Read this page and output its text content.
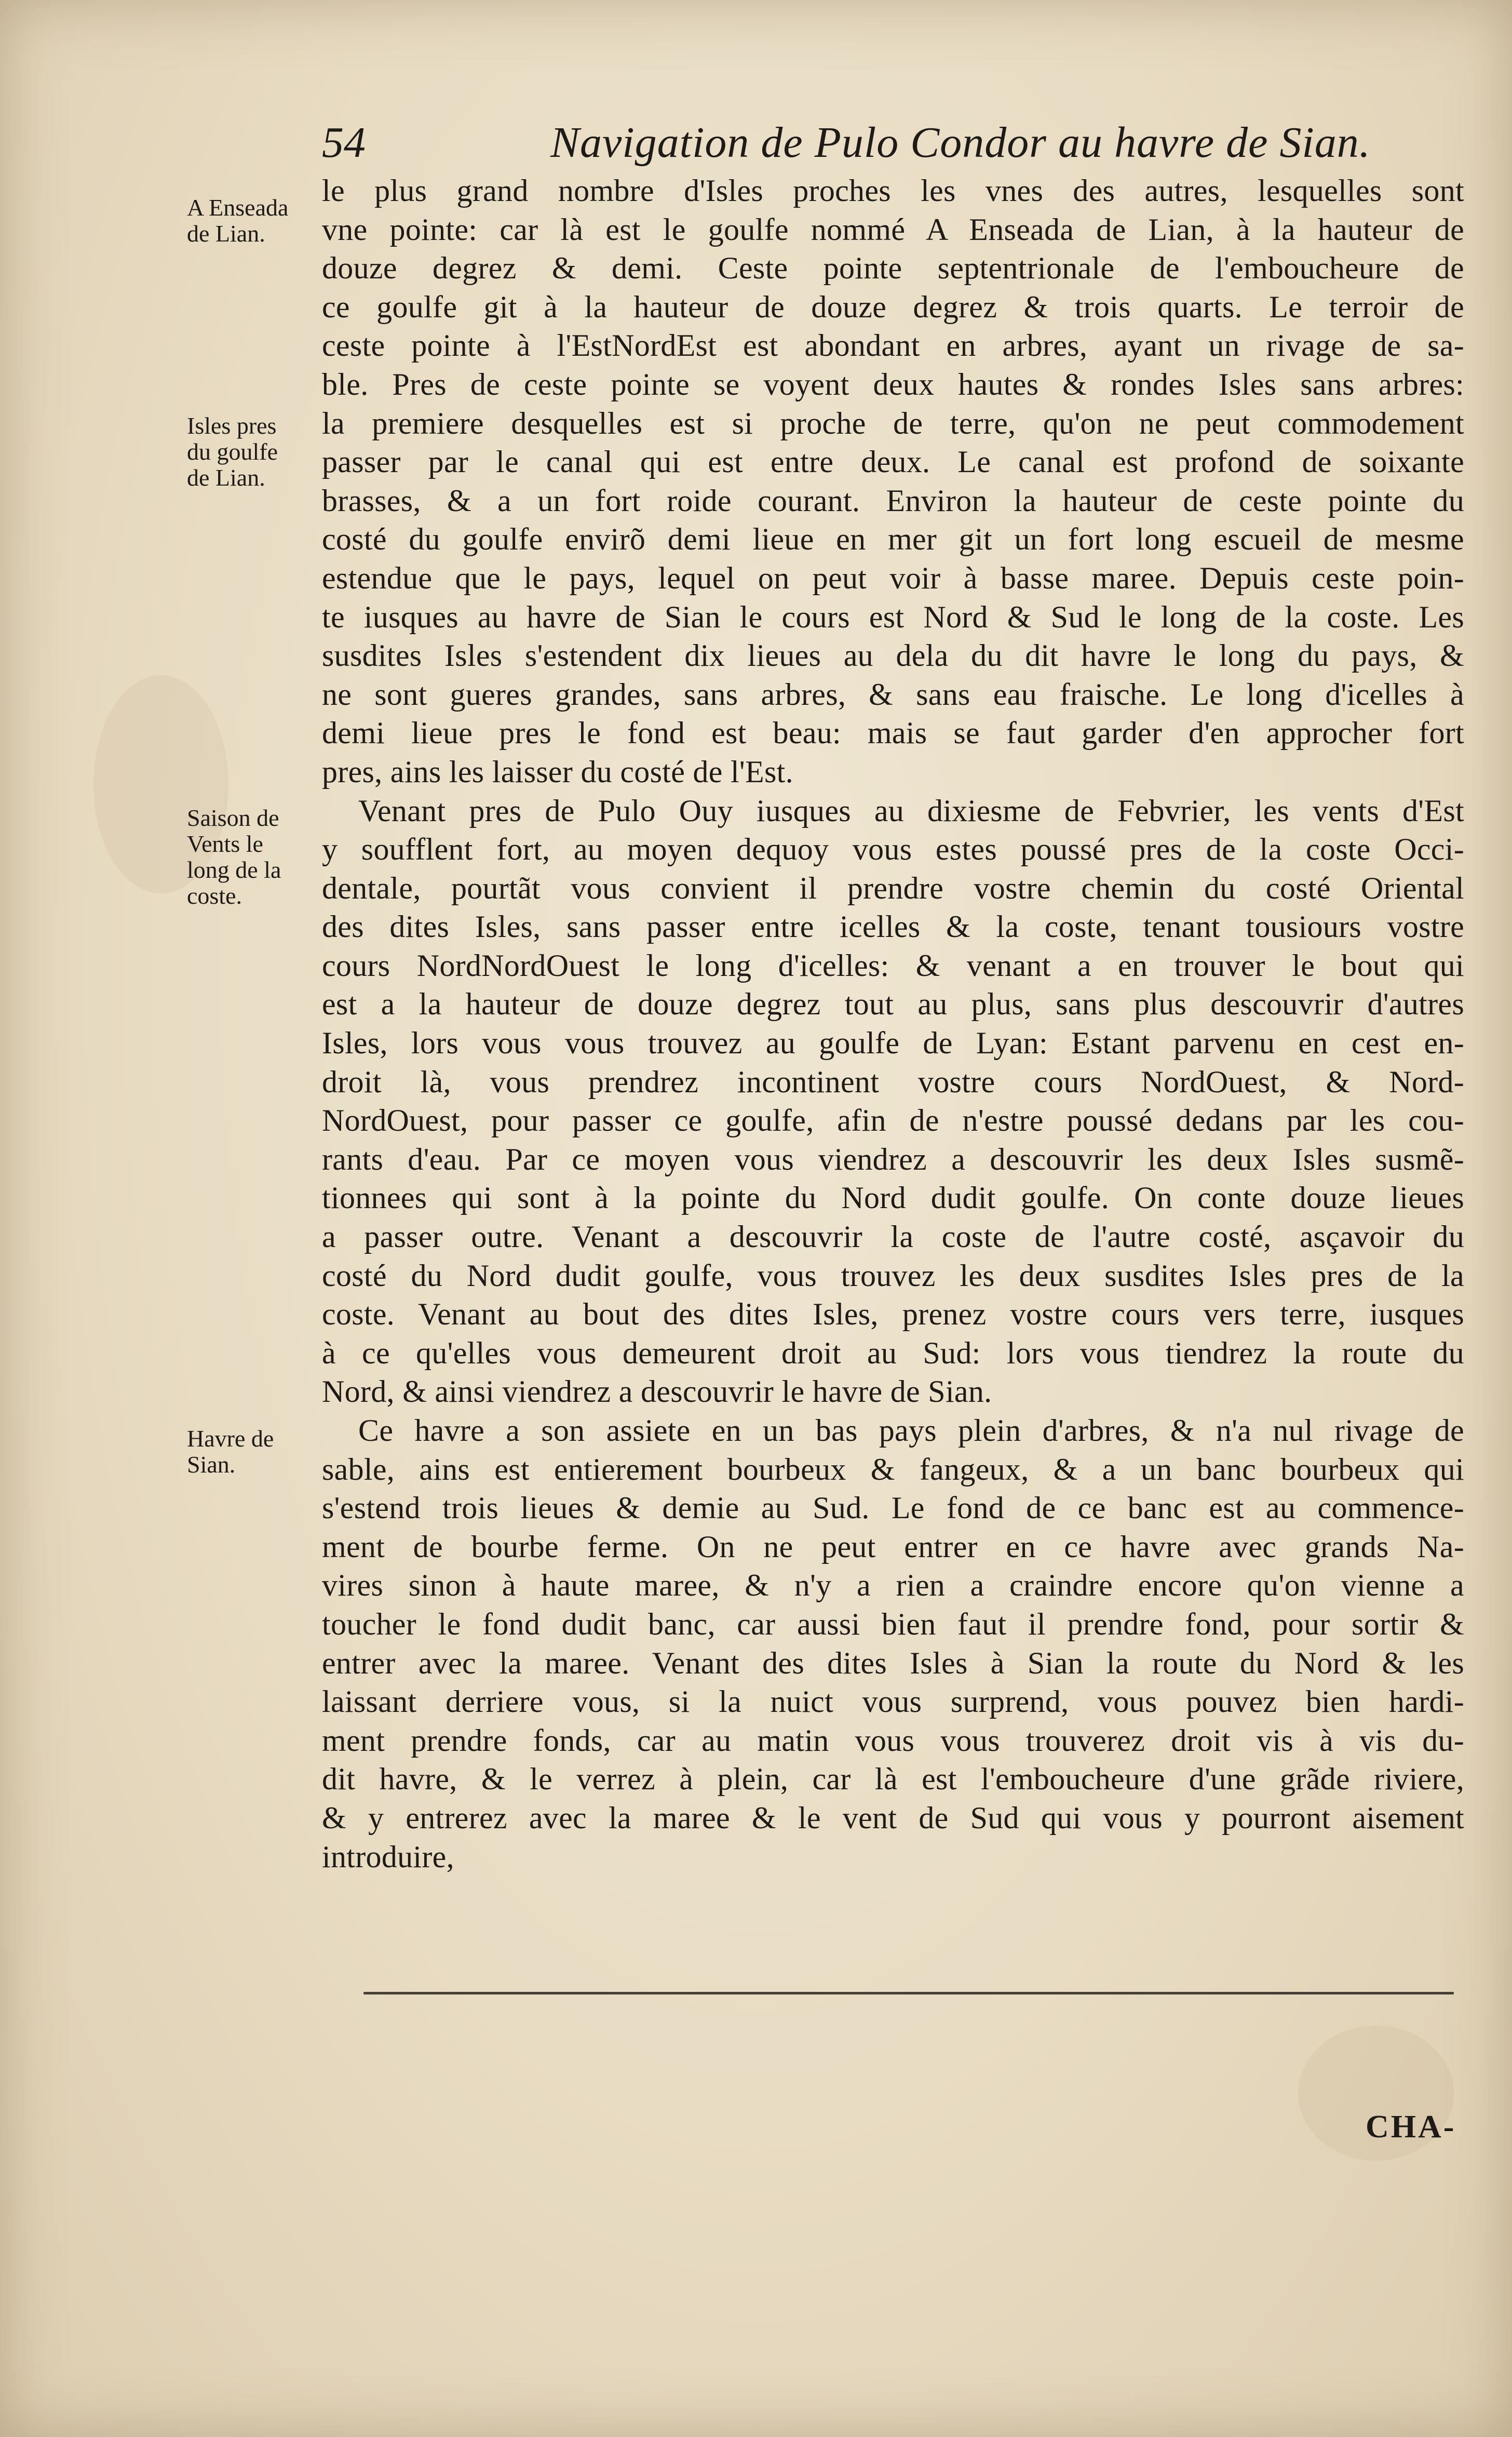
54	Navigation de Pulo Condor au havre de Sian.
A Enseada
de Lian.
Isles pres
du goulfe
de Lian.
Saison de
Vents le
long de la
coste.
Havre de
Sian.
le plus grand nombre d'Isles proches les vnes des autres, lesquelles sont
vne pointe: car là est le goulfe nommé A Enseada de Lian, à la hauteur de
douze degrez & demi. Ceste pointe septentrionale de l'emboucheure de
ce goulfe git à la hauteur de douze degrez & trois quarts. Le terroir de
ceste pointe à l'EstNordEst est abondant en arbres, ayant un rivage de sa-
ble. Pres de ceste pointe se voyent deux hautes & rondes Isles sans arbres:
la premiere desquelles est si proche de terre, qu'on ne peut commodement
passer par le canal qui est entre deux. Le canal est profond de soixante
brasses, & a un fort roide courant. Environ la hauteur de ceste pointe du
costé du goulfe envirõ demi lieue en mer git un fort long escueil de mesme
estendue que le pays, lequel on peut voir à basse maree. Depuis ceste poin-
te iusques au havre de Sian le cours est Nord & Sud le long de la coste. Les
susdites Isles s'estendent dix lieues au dela du dit havre le long du pays, &
ne sont gueres grandes, sans arbres, & sans eau fraische. Le long d'icelles à
demi lieue pres le fond est beau: mais se faut garder d'en approcher fort
pres, ains les laisser du costé de l'Est.
Venant pres de Pulo Ouy iusques au dixiesme de Febvrier, les vents d'Est
y soufflent fort, au moyen dequoy vous estes poussé pres de la coste Occi-
dentale, pourtãt vous convient il prendre vostre chemin du costé Oriental
des dites Isles, sans passer entre icelles & la coste, tenant tousiours vostre
cours NordNordOuest le long d'icelles: & venant a en trouver le bout qui
est a la hauteur de douze degrez tout au plus, sans plus descouvrir d'autres
Isles, lors vous vous trouvez au goulfe de Lyan: Estant parvenu en cest en-
droit là, vous prendrez incontinent vostre cours NordOuest, & Nord-
NordOuest, pour passer ce goulfe, afin de n'estre poussé dedans par les cou-
rants d'eau. Par ce moyen vous viendrez a descouvrir les deux Isles susmẽ-
tionnees qui sont à la pointe du Nord dudit goulfe. On conte douze lieues
a passer outre. Venant a descouvrir la coste de l'autre costé, asçavoir du
costé du Nord dudit goulfe, vous trouvez les deux susdites Isles pres de la
coste. Venant au bout des dites Isles, prenez vostre cours vers terre, iusques
à ce qu'elles vous demeurent droit au Sud: lors vous tiendrez la route du
Nord, & ainsi viendrez a descouvrir le havre de Sian.
Ce havre a son assiete en un bas pays plein d'arbres, & n'a nul rivage de
sable, ains est entierement bourbeux & fangeux, & a un banc bourbeux qui
s'estend trois lieues & demie au Sud. Le fond de ce banc est au commence-
ment de bourbe ferme. On ne peut entrer en ce havre avec grands Na-
vires sinon à haute maree, & n'y a rien a craindre encore qu'on vienne a
toucher le fond dudit banc, car aussi bien faut il prendre fond, pour sortir &
entrer avec la maree. Venant des dites Isles à Sian la route du Nord & les
laissant derriere vous, si la nuict vous surprend, vous pouvez bien hardi-
ment prendre fonds, car au matin vous vous trouverez droit vis à vis du-
dit havre, & le verrez à plein, car là est l'emboucheure d'une grãde riviere,
& y entrerez avec la maree & le vent de Sud qui vous y pourront aisement
introduire,
CHA-
